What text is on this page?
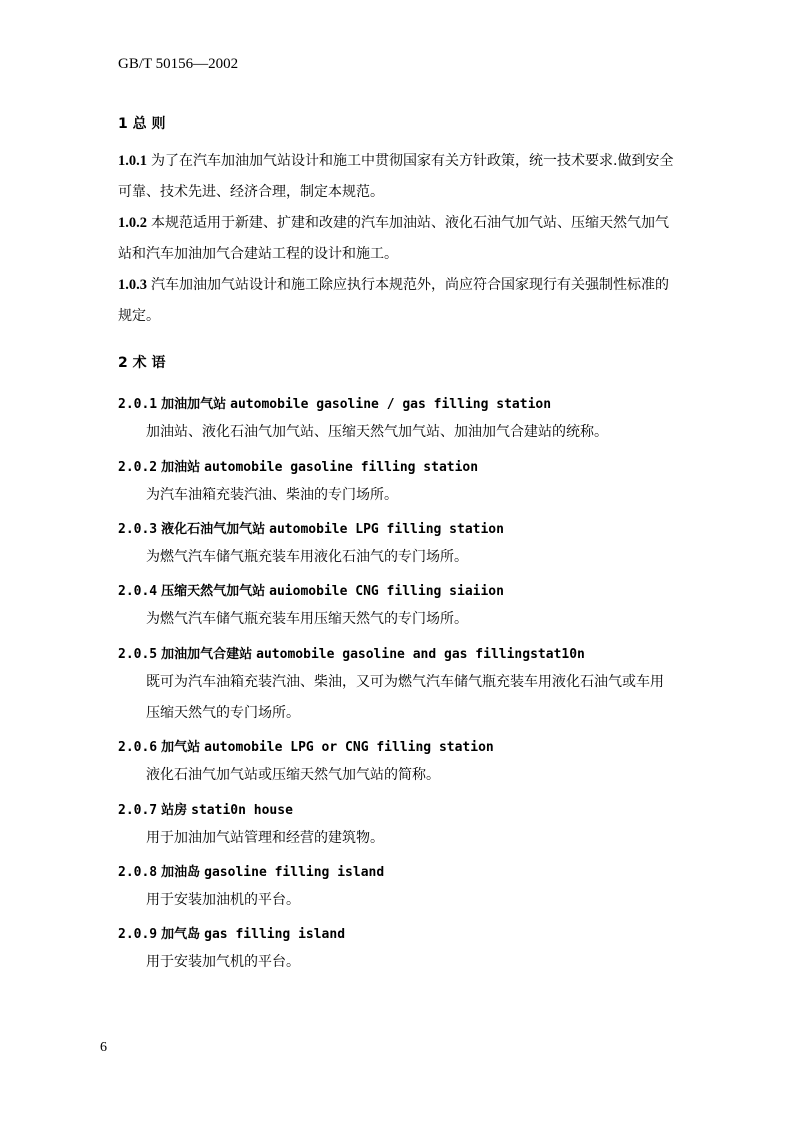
GB/T 50156—2002
1 总 则
1.0.1 为了在汽车加油加气站设计和施工中贯彻国家有关方针政策，统一技术要求.做到安全可靠、技术先进、经济合理，制定本规范。
1.0.2 本规范适用于新建、扩建和改建的汽车加油站、液化石油气加气站、压缩天然气加气站和汽车加油加气合建站工程的设计和施工。
1.0.3 汽车加油加气站设计和施工除应执行本规范外，尚应符合国家现行有关强制性标准的规定。
2 术 语
2.0.1 加油加气站 automobile gasoline / gas filling station
加油站、液化石油气加气站、压缩天然气加气站、加油加气合建站的统称。
2.0.2 加油站 automobile gasoline filling station
为汽车油箱充装汽油、柴油的专门场所。
2.0.3 液化石油气加气站 automobile LPG filling station
为燃气汽车储气瓶充装车用液化石油气的专门场所。
2.0.4 压缩天然气加气站 auiomobile CNG filling siaiion
为燃气汽车储气瓶充装车用压缩天然气的专门场所。
2.0.5 加油加气合建站 automobile gasoline and gas fillingstat10n
既可为汽车油箱充装汽油、柴油，又可为燃气汽车储气瓶充装车用液化石油气或车用压缩天然气的专门场所。
2.0.6 加气站 automobile LPG or CNG filling station
液化石油气加气站或压缩天然气加气站的简称。
2.0.7 站房 stati0n house
用于加油加气站管理和经营的建筑物。
2.0.8 加油岛 gasoline filling island
用于安装加油机的平台。
2.0.9 加气岛 gas filling island
用于安装加气机的平台。
6
